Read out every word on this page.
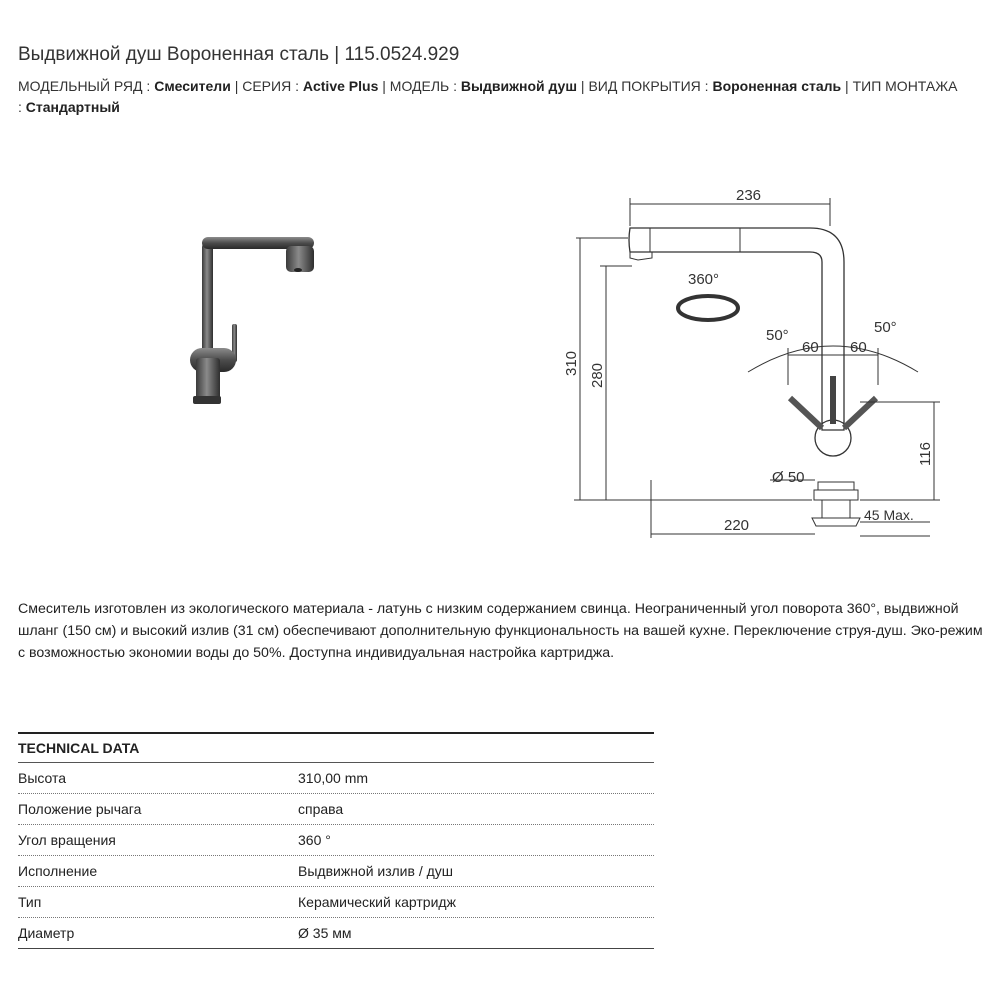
Выдвижной душ Вороненная сталь | 115.0524.929
МОДЕЛЬНЫЙ РЯД : Смесители | СЕРИЯ : Active Plus | МОДЕЛЬ : Выдвижной душ | ВИД ПОКРЫТИЯ : Вороненная сталь | ТИП МОНТАЖА : Стандартный
236
360°
50°	50°
60 60
310 280
116
Ø 50
220
45 Max.
Смеситель изготовлен из экологического материала - латунь с низким содержанием свинца. Неограниченный угол поворота 360°, выдвижной шланг (150 см) и высокий излив (31 см) обеспечивают дополнительную функциональность на вашей кухне. Переключение струя-душ. Эко-режим с возможностью экономии воды до 50%. Доступна индивидуальная настройка картриджа.
TECHNICAL DATA
Высота	310,00 mm
Положение рычага	справа
Угол вращения	360 °
Исполнение	Выдвижной излив / душ
Тип	Керамический картридж
Диаметр	Ø 35 мм
